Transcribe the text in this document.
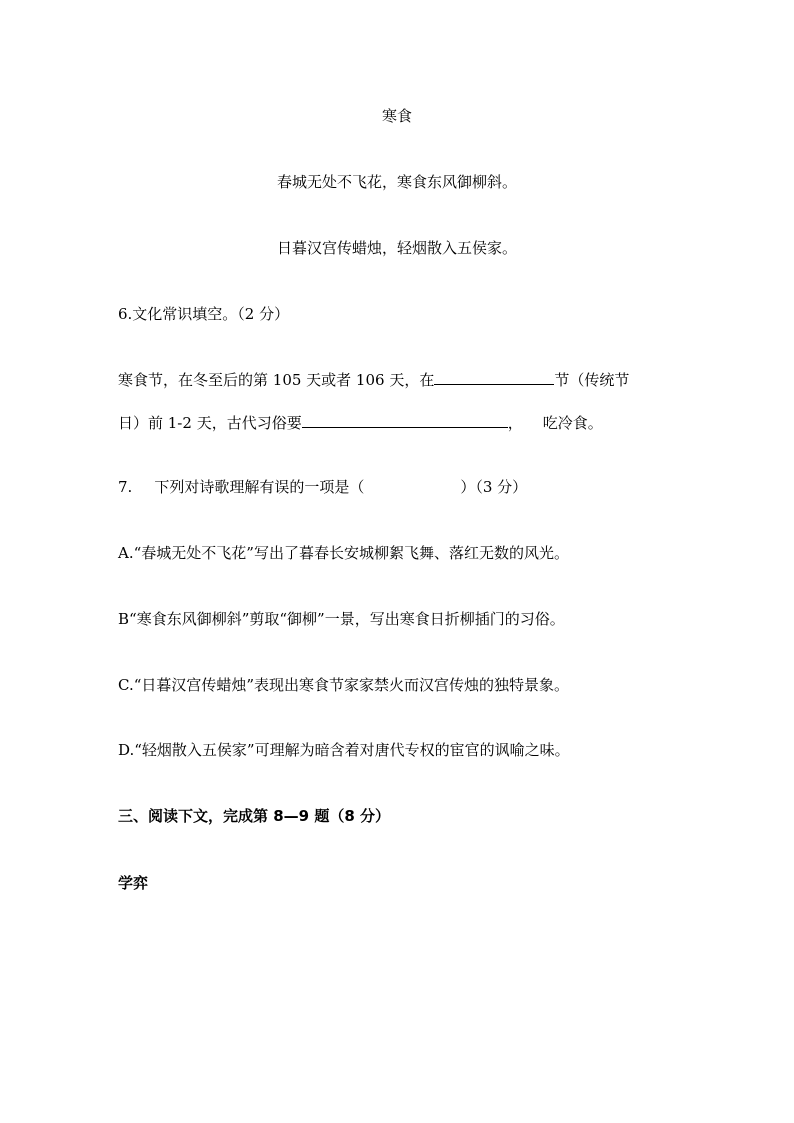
寒食
春城无处不飞花，寒食东风御柳斜。
日暮汉宫传蜡烛，轻烟散入五侯家。
6.文化常识填空。（2 分）
寒食节，在冬至后的第 105 天或者 106 天，在	节（传统节
日）前 1-2 天，古代习俗要	， 吃冷食。
7. 下列对诗歌理解有误的一项是（	）（3 分）
A.“春城无处不飞花”写出了暮春长安城柳絮飞舞、落红无数的风光。
B“寒食东风御柳斜”剪取“御柳”一景，写出寒食日折柳插门的习俗。
C.“日暮汉宫传蜡烛”表现出寒食节家家禁火而汉宫传烛的独特景象。
D.“轻烟散入五侯家”可理解为暗含着对唐代专权的宦官的讽喻之味。
三、阅读下文，完成第 8—9 题（8 分）
学弈
